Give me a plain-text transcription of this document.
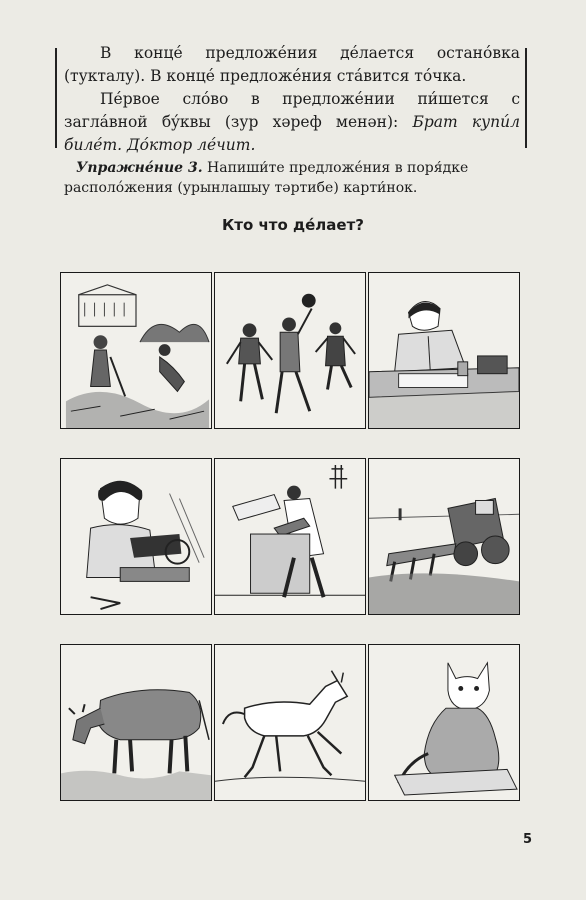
В концé предложéния дéлается останóвка (тукталу). В концé предложéния стáвится тóчка.

Пéрвое слóво в предложéнии пи́шется с заглáвной бýквы (зур хәреф менән): Брат купи́л билéт. Дóктор лéчит.

Упражнéние 3. Напиши́те предложéния в поря́дке располóжения (урынлашыу тәртибе) карти́нок.
Кто что дéлает?
5
